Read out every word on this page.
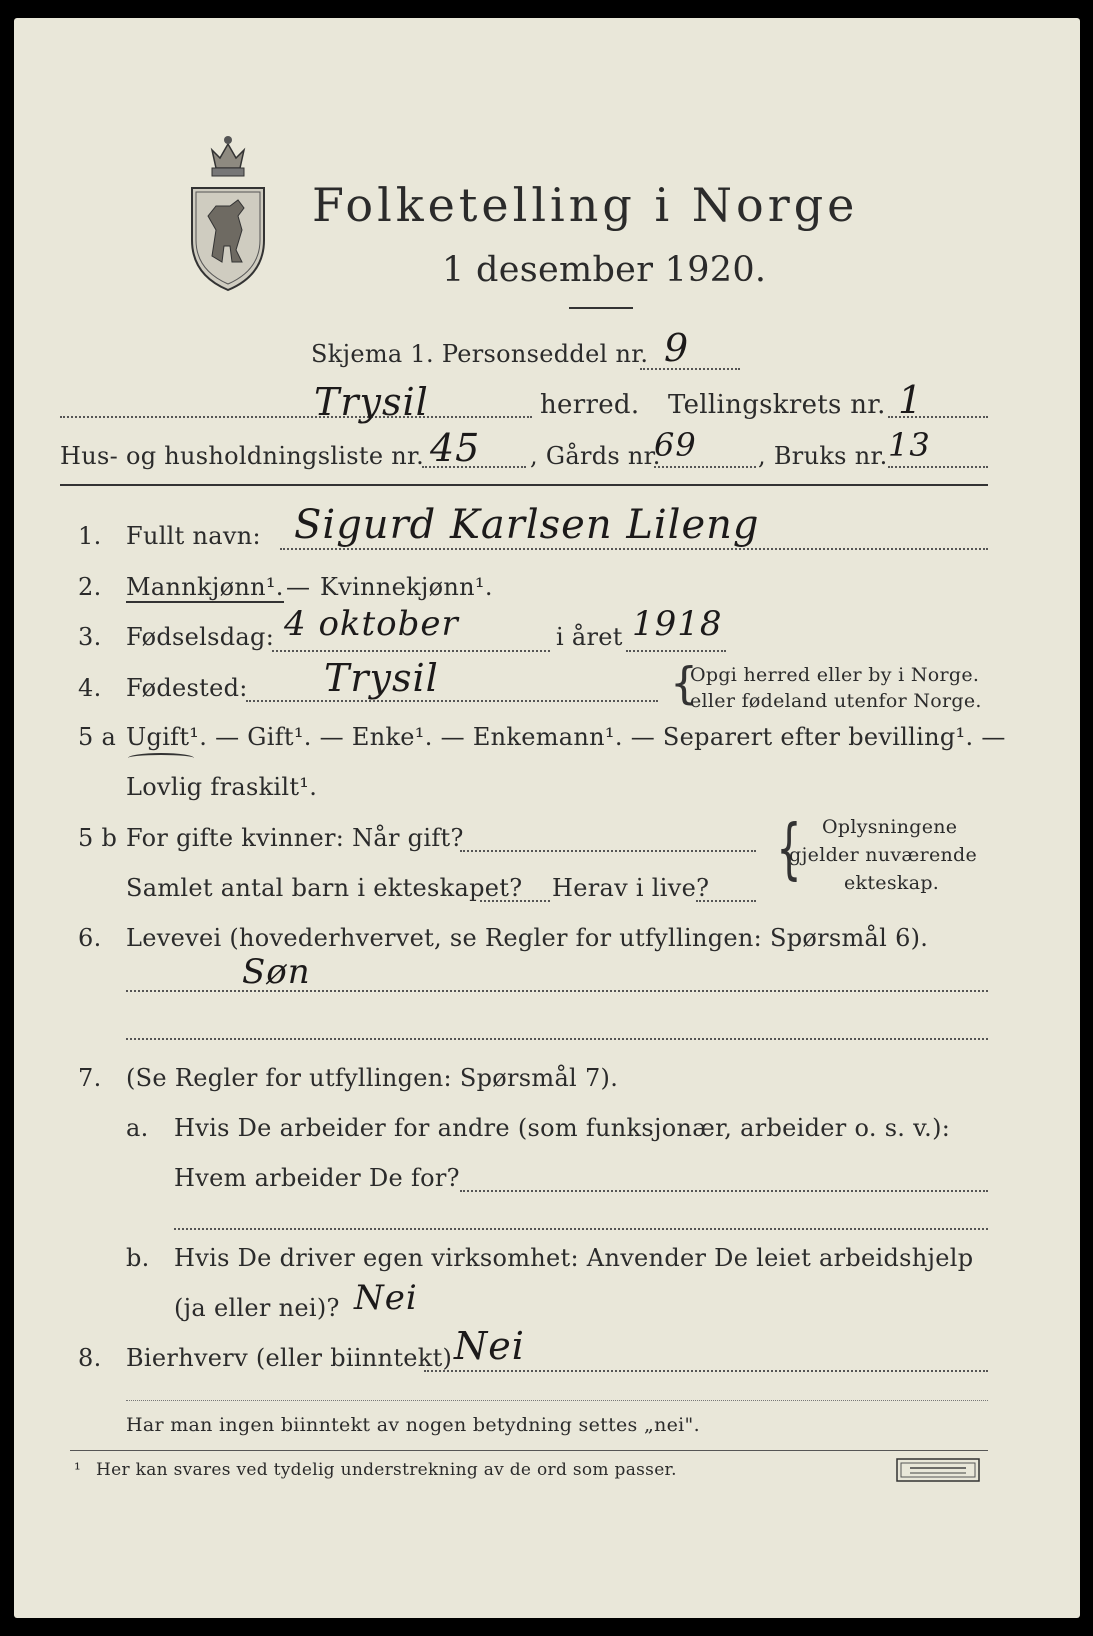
Folketelling i Norge
1 desember 1920.
Skjema 1. Personseddel nr. 9
Trysil	herred. Tellingskrets nr. 1
Hus- og husholdningsliste nr. 45 , Gårds nr.
69	, Bruks nr. 13
1. Fullt navn: Sigurd Karlsen Lileng
2. Mannkjønn¹. — Kvinnekjønn¹.
3. Fødselsdag: 4 oktober	i året 1918
4. Fødested: Trysil	{
Opgi herred eller by i Norge.
eller fødeland utenfor Norge.
5 a Ugift¹. — Gift¹. — Enke¹. — Enkemann¹. — Separert efter bevilling¹. —
Lovlig fraskilt¹.
5 b For gifte kvinner: Når gift?
Samlet antal barn i ekteskapet? Herav i live?
{ Oplysningene
gjelder nuværende
ekteskap.
6. Levevei (hovederhvervet, se Regler for utfyllingen: Spørsmål 6).
Søn
7. (Se Regler for utfyllingen: Spørsmål 7).
a. Hvis De arbeider for andre (som funksjonær, arbeider o. s. v.):
Hvem arbeider De for?
b. Hvis De driver egen virksomhet: Anvender De leiet arbeidshjelp
(ja eller nei)? Nei
8. Bierhverv (eller biinntekt) Nei
Har man ingen biinntekt av nogen betydning settes „nei".
¹ Her kan svares ved tydelig understrekning av de ord som passer.
